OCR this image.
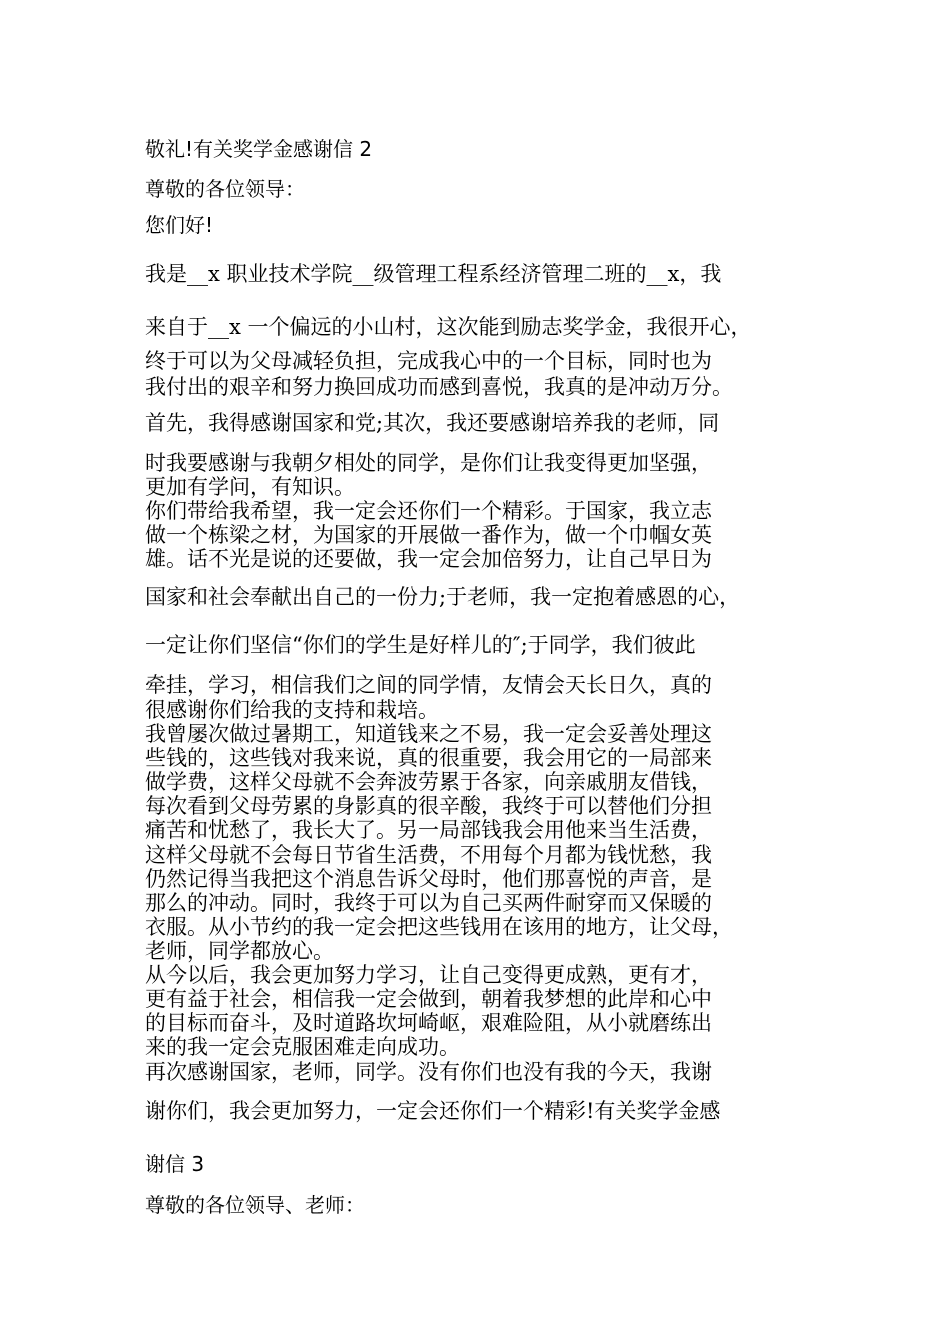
敬礼!有关奖学金感谢信 2

尊敬的各位领导：

您们好!

我是__x 职业技术学院__级管理工程系经济管理二班的__x，我

来自于__x 一个偏远的小山村，这次能到励志奖学金，我很开心，

终于可以为父母减轻负担，完成我心中的一个目标，同时也为

我付出的艰辛和努力换回成功而感到喜悦，我真的是冲动万分。

首先，我得感谢国家和党;其次，我还要感谢培养我的老师，同

时我要感谢与我朝夕相处的同学，是你们让我变得更加坚强，

更加有学问，有知识。

你们带给我希望，我一定会还你们一个精彩。于国家，我立志

做一个栋梁之材，为国家的开展做一番作为，做一个巾帼女英

雄。话不光是说的还要做，我一定会加倍努力，让自己早日为

国家和社会奉献出自己的一份力;于老师，我一定抱着感恩的心，

一定让你们坚信“你们的学生是好样儿的″;于同学，我们彼此

牵挂，学习，相信我们之间的同学情，友情会天长日久，真的

很感谢你们给我的支持和栽培。

我曾屡次做过暑期工，知道钱来之不易，我一定会妥善处理这

些钱的，这些钱对我来说，真的很重要，我会用它的一局部来

做学费，这样父母就不会奔波劳累于各家，向亲戚朋友借钱，

每次看到父母劳累的身影真的很辛酸，我终于可以替他们分担

痛苦和忧愁了，我长大了。另一局部钱我会用他来当生活费，

这样父母就不会每日节省生活费，不用每个月都为钱忧愁，我

仍然记得当我把这个消息告诉父母时，他们那喜悦的声音，是

那么的冲动。同时，我终于可以为自己买两件耐穿而又保暖的

衣服。从小节约的我一定会把这些钱用在该用的地方，让父母，

老师，同学都放心。

从今以后，我会更加努力学习，让自己变得更成熟，更有才，

更有益于社会，相信我一定会做到，朝着我梦想的此岸和心中

的目标而奋斗，及时道路坎坷崎岖，艰难险阻，从小就磨练出

来的我一定会克服困难走向成功。

再次感谢国家，老师，同学。没有你们也没有我的今天，我谢

谢你们，我会更加努力，一定会还你们一个精彩!有关奖学金感

谢信 3

尊敬的各位领导、老师：
